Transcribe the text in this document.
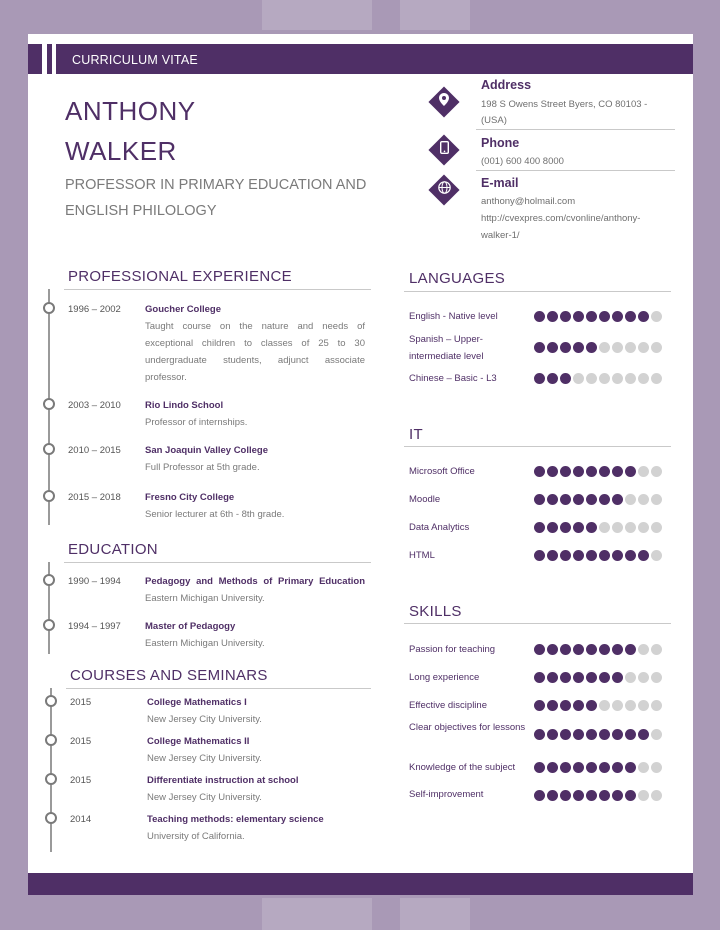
CURRICULUM VITAE
ANTHONY
WALKER
PROFESSOR IN PRIMARY EDUCATION AND
ENGLISH PHILOLOGY
Address
198 S Owens Street Byers, CO 80103 -
(USA)
Phone
(001) 600 400 8000
E-mail
anthony@holmail.com
http://cvexpres.com/cvonline/anthony-
walker-1/
PROFESSIONAL EXPERIENCE
1996 – 2002	Goucher College
Taught course on the nature and needs of exceptional children to classes of 25 to 30 undergraduate students, adjunct associate professor.
2003 – 2010	Rio Lindo School
Professor of internships.
2010 – 2015	San Joaquin Valley College
Full Professor at 5th grade.
2015 – 2018	Fresno City College
Senior lecturer at 6th - 8th grade.
EDUCATION
1990 – 1994	Pedagogy and Methods of Primary Education
Eastern Michigan University.
1994 – 1997	Master of Pedagogy
Eastern Michigan University.
COURSES AND SEMINARS
2015	College Mathematics I
New Jersey City University.
2015	College Mathematics II
New Jersey City University.
2015	Differentiate instruction at school
New Jersey City University.
2014	Teaching methods: elementary science
University of California.
LANGUAGES
English - Native level
Spanish – Upper-intermediate level
Chinese – Basic - L3
IT
Microsoft Office
Moodle
Data Analytics
HTML
SKILLS
Passion for teaching
Long experience
Effective discipline
Clear objectives for lessons
Knowledge of the subject
Self-improvement
